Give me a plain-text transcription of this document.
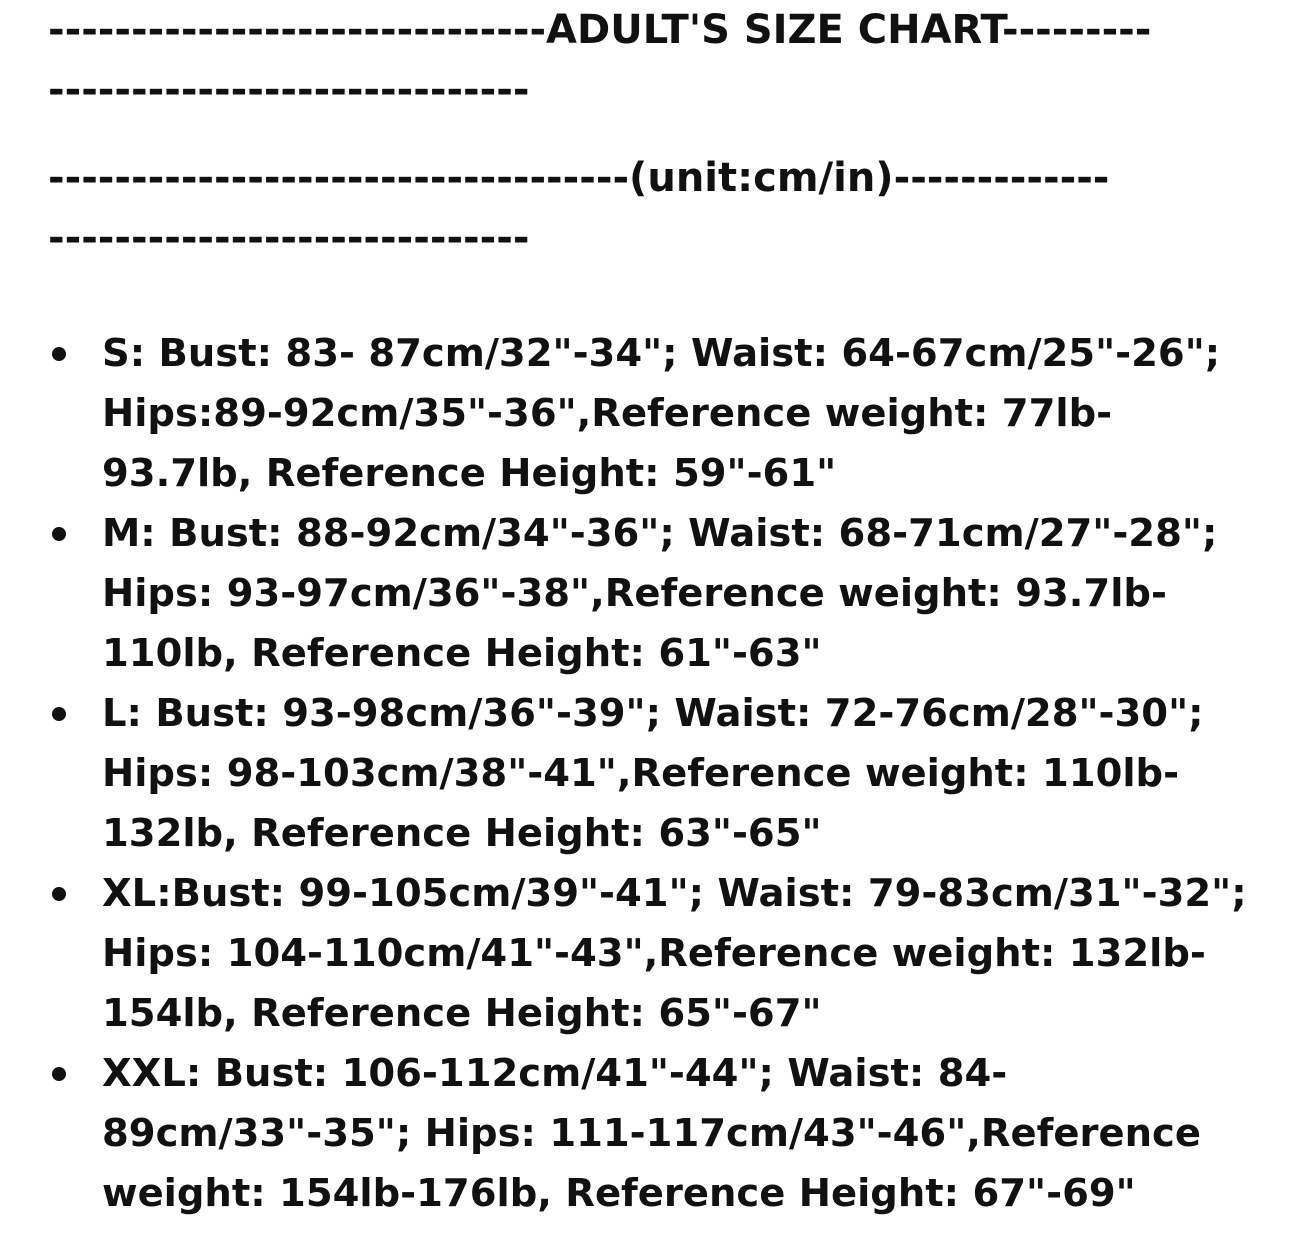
------------------------------ADULT'S SIZE CHART---------
-----------------------------
-----------------------------------(unit:cm/in)-------------
-----------------------------
S: Bust: 83- 87cm/32"-34"; Waist: 64-67cm/25"-26";
Hips:89-92cm/35"-36",Reference weight: 77lb-
93.7lb, Reference Height: 59"-61"
M: Bust: 88-92cm/34"-36"; Waist: 68-71cm/27"-28";
Hips: 93-97cm/36"-38",Reference weight: 93.7lb-
110lb, Reference Height: 61"-63"
L: Bust: 93-98cm/36"-39"; Waist: 72-76cm/28"-30";
Hips: 98-103cm/38"-41",Reference weight: 110lb-
132lb, Reference Height: 63"-65"
XL:Bust: 99-105cm/39"-41"; Waist: 79-83cm/31"-32";
Hips: 104-110cm/41"-43",Reference weight: 132lb-
154lb, Reference Height: 65"-67"
XXL: Bust: 106-112cm/41"-44"; Waist: 84-
89cm/33"-35"; Hips: 111-117cm/43"-46",Reference
weight: 154lb-176lb, Reference Height: 67"-69"
